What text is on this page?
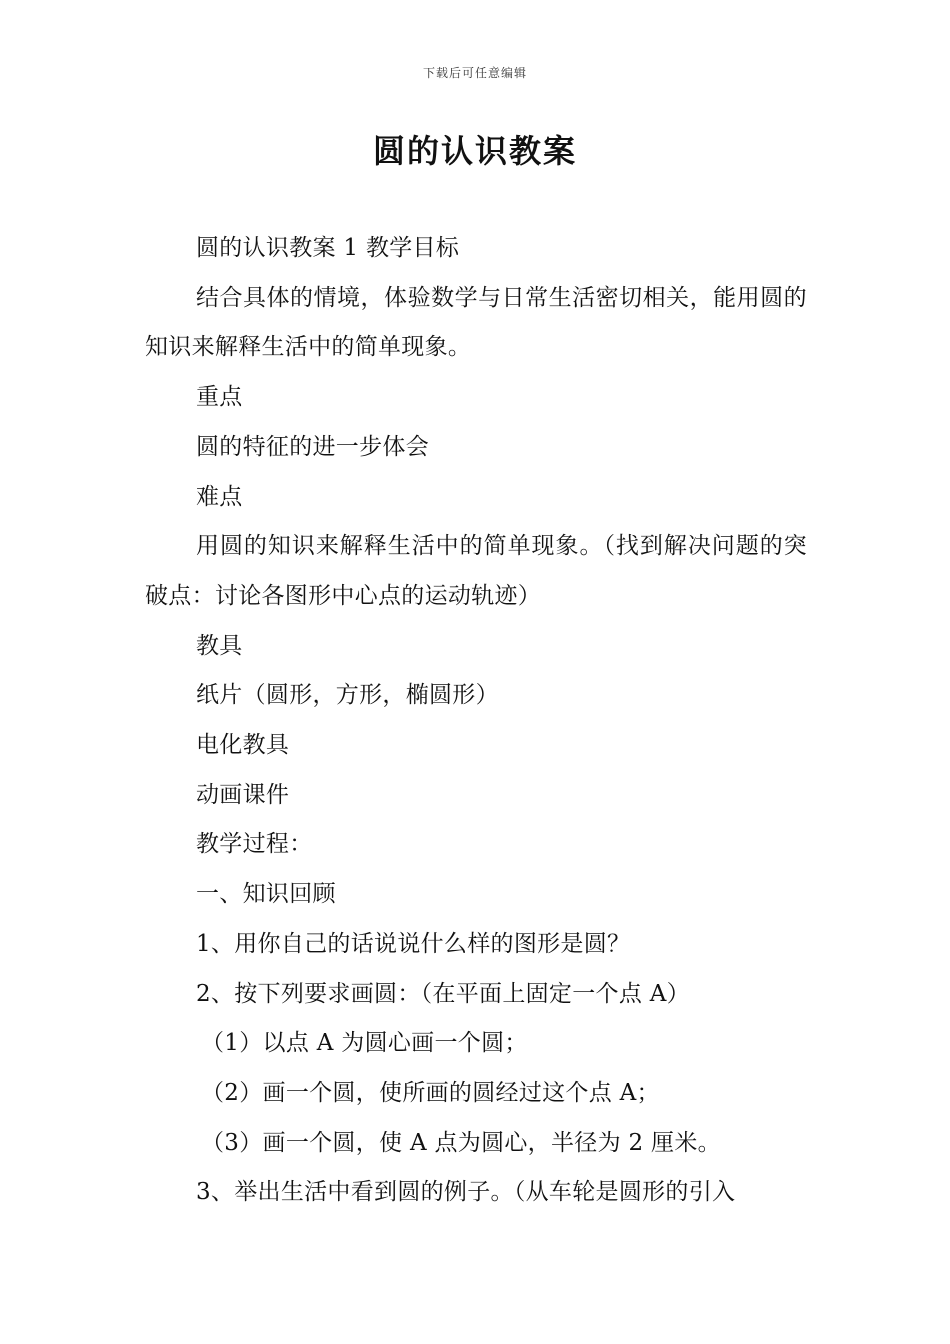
下载后可任意编辑
圆的认识教案

圆的认识教案 1 教学目标

结合具体的情境，体验数学与日常生活密切相关，能用圆的知识来解释生活中的简单现象。

重点

圆的特征的进一步体会

难点

用圆的知识来解释生活中的简单现象。（找到解决问题的突破点：讨论各图形中心点的运动轨迹）

教具

纸片（圆形，方形，椭圆形）

电化教具

动画课件

教学过程：

一、知识回顾

1、用你自己的话说说什么样的图形是圆？

2、按下列要求画圆：（在平面上固定一个点 A）

（1）以点 A 为圆心画一个圆；

（2）画一个圆，使所画的圆经过这个点 A；

（3）画一个圆，使 A 点为圆心，半径为 2 厘米。

3、举出生活中看到圆的例子。（从车轮是圆形的引入
